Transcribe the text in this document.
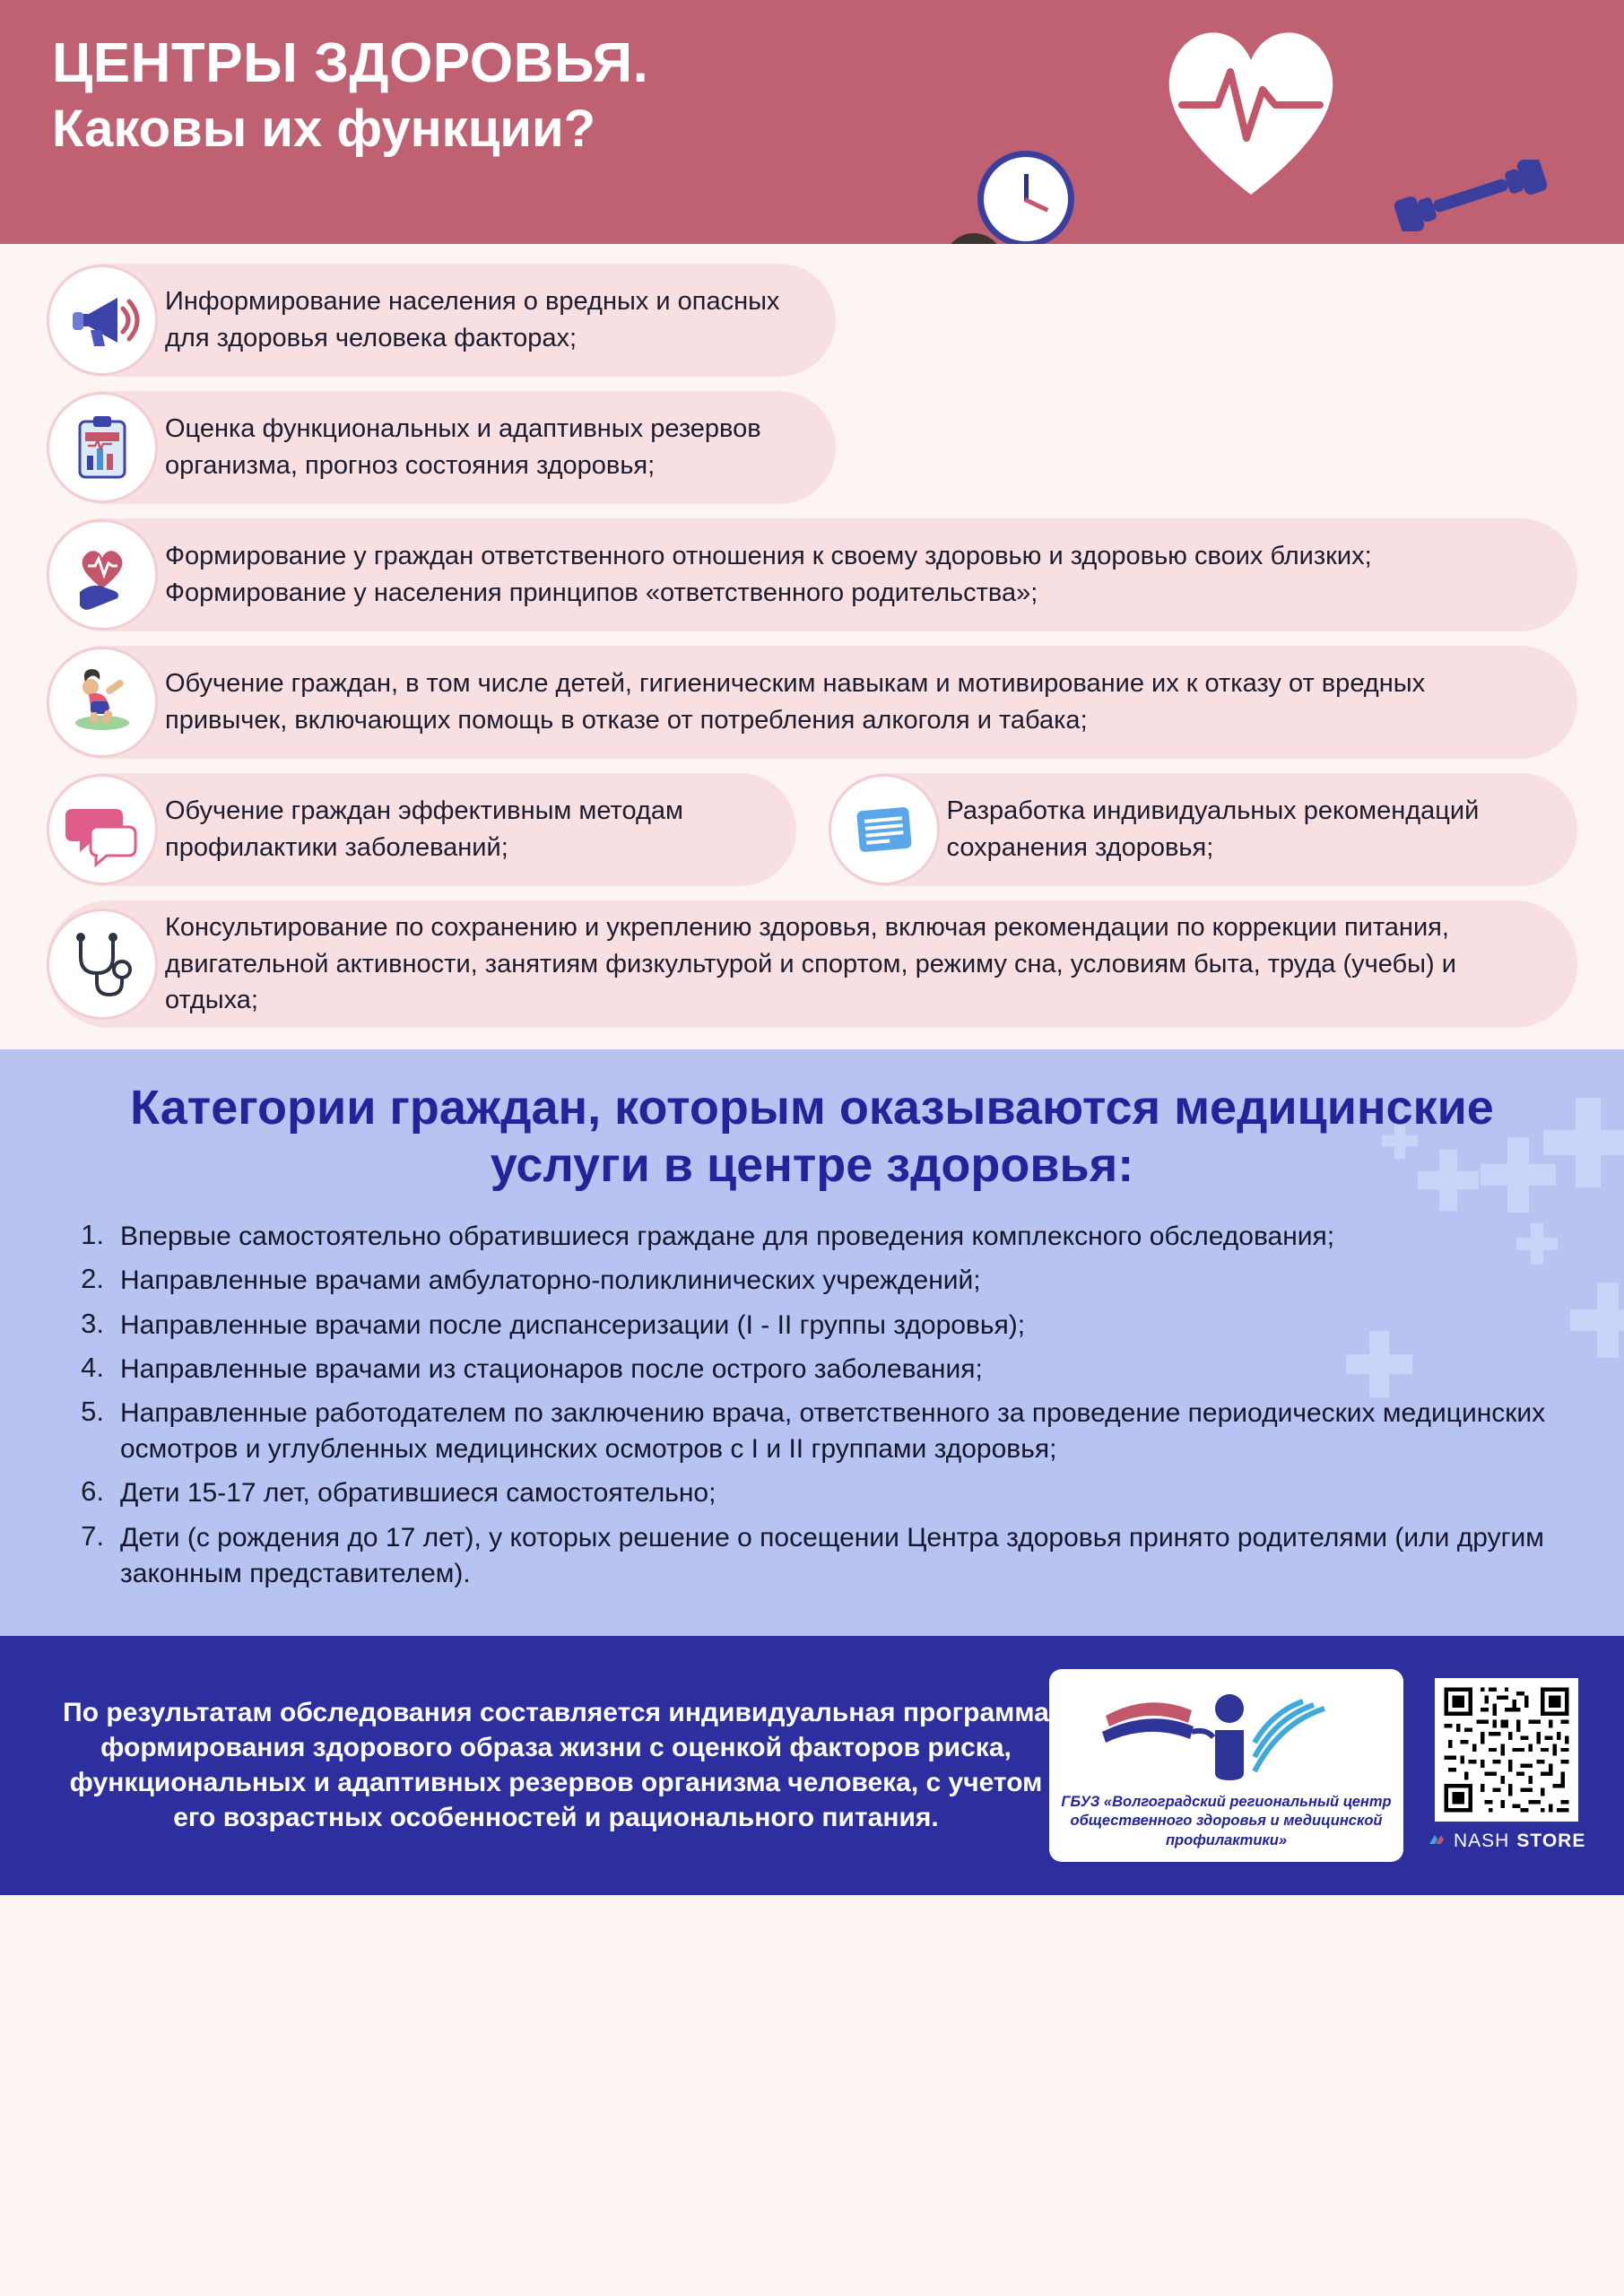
ЦЕНТРЫ ЗДОРОВЬЯ.
Каковы их функции?
Информирование населения о вредных и опасных для здоровья человека факторах;
Оценка функциональных и адаптивных резервов организма, прогноз состояния здоровья;
Формирование у граждан ответственного отношения к своему здоровью и здоровью своих близких; Формирование у населения принципов «ответственного родительства»;
Обучение граждан, в том числе детей, гигиеническим навыкам и мотивирование их к отказу от вредных привычек, включающих помощь в отказе от потребления алкоголя и табака;
Обучение граждан эффективным методам профилактики заболеваний;
Разработка индивидуальных рекомендаций сохранения здоровья;
Консультирование по сохранению и укреплению здоровья, включая рекомендации по коррекции питания, двигательной активности, занятиям физкультурой и спортом, режиму сна, условиям быта, труда (учебы) и отдыха;
Категории граждан, которым оказываются медицинские услуги в центре здоровья:
1. Впервые самостоятельно обратившиеся граждане для проведения комплексного обследования;
2. Направленные врачами амбулаторно-поликлинических учреждений;
3. Направленные врачами после диспансеризации (I - II группы здоровья);
4. Направленные врачами из стационаров после острого заболевания;
5. Направленные работодателем по заключению врача, ответственного за проведение периодических медицинских осмотров и углубленных медицинских осмотров с I и II группами здоровья;
6. Дети 15-17 лет, обратившиеся самостоятельно;
7. Дети (с рождения до 17 лет), у которых решение о посещении Центра здоровья принято родителями (или другим законным представителем).
По результатам обследования составляется индивидуальная программа формирования здорового образа жизни с оценкой факторов риска, функциональных и адаптивных резервов организма человека, с учетом его возрастных особенностей и рационального питания.
ГБУЗ «Волгоградский региональный центр общественного здоровья и медицинской профилактики»	NASH STORE
